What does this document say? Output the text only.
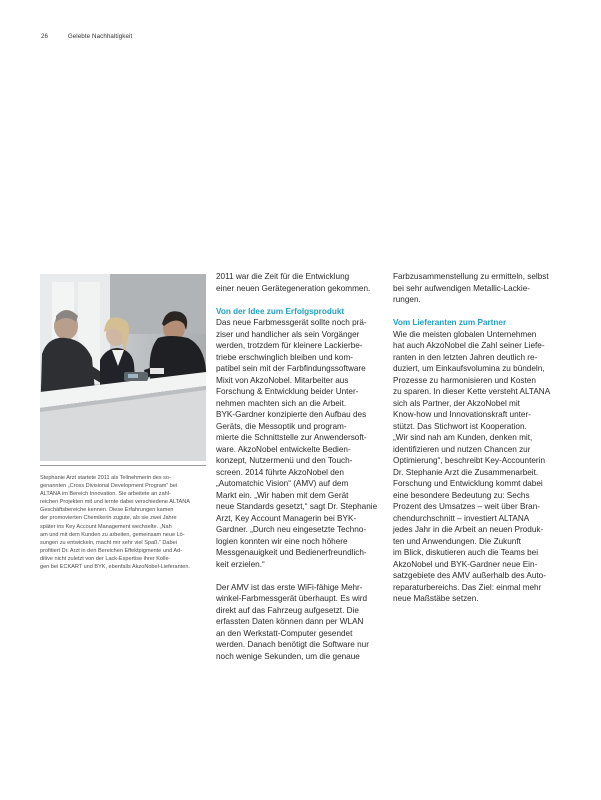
26	Gelebte Nachhaltigkeit

Stephanie Arzt startete 2011 als Teilnehmerin des so-

genannten „Cross Divisional Development Program“ bei

ALTANA im Bereich Innovation. Sie arbeitete an zahl-

reichen Projekten mit und lernte dabei verschiedene ALTANA

Geschäftsbereiche kennen. Diese Erfahrungen kamen

der promovierten Chemikerin zugute, als sie zwei Jahre

später ins Key Account Management wechselte. „Nah

am und mit dem Kunden zu arbeiten, gemeinsam neue Lö-

sungen zu entwickeln, macht mir sehr viel Spaß.“ Dabei

profitiert Dr. Arzt in den Bereichen Effektpigmente und Ad-

ditive nicht zuletzt von der Lack-Expertise ihrer Kolle-

gen bei ECKART und BYK, ebenfalls AkzoNobel-Lieferanten.

2011 war die Zeit für die Entwicklung

einer neuen Gerätegeneration gekommen.

Von der Idee zum Erfolgsprodukt

Das neue Farbmessgerät sollte noch prä-

ziser und handlicher als sein Vorgänger

werden, trotzdem für kleinere Lackierbe-

triebe erschwinglich bleiben und kom-

patibel sein mit der Farbfindungssoftware

Mixit von AkzoNobel. Mitarbeiter aus

Forschung & Entwicklung beider Unter-

nehmen machten sich an die Arbeit.

BYK-Gardner konzipierte den Aufbau des

Geräts, die Messoptik und program-

mierte die Schnittstelle zur Anwendersoft-

ware. AkzoNobel entwickelte Bedien-

konzept, Nutzermenü und den Touch-

screen. 2014 führte AkzoNobel den

„Automatchic Vision“ (AMV) auf dem

Markt ein. „Wir haben mit dem Gerät

neue Standards gesetzt,“ sagt Dr. Stephanie

Arzt, Key Account Managerin bei BYK-

Gardner. „Durch neu eingesetzte Techno-

logien konnten wir eine noch höhere

Messgenauigkeit und Bedienerfreundlich-

keit erzielen.“

Der AMV ist das erste WiFi-fähige Mehr-

winkel-Farbmessgerät überhaupt. Es wird

direkt auf das Fahrzeug aufgesetzt. Die

erfassten Daten können dann per WLAN

an den Werkstatt-Computer gesendet

werden. Danach benötigt die Software nur

noch wenige Sekunden, um die genaue

Farbzusammenstellung zu ermitteln, selbst

bei sehr aufwendigen Metallic-Lackie-

rungen.

Vom Lieferanten zum Partner

Wie die meisten globalen Unternehmen

hat auch AkzoNobel die Zahl seiner Liefe-

ranten in den letzten Jahren deutlich re-

duziert, um Einkaufsvolumina zu bündeln,

Prozesse zu harmonisieren und Kosten

zu sparen. In dieser Kette versteht ALTANA

sich als Partner, der AkzoNobel mit

Know-how und Innovationskraft unter-

stützt. Das Stichwort ist Kooperation.

„Wir sind nah am Kunden, denken mit,

identifizieren und nutzen Chancen zur

Optimierung“, beschreibt Key-Accounterin

Dr. Stephanie Arzt die Zusammenarbeit.

Forschung und Entwicklung kommt dabei

eine besondere Bedeutung zu: Sechs

Prozent des Umsatzes – weit über Bran-

chendurchschnitt – investiert ALTANA

jedes Jahr in die Arbeit an neuen Produk-

ten und Anwendungen. Die Zukunft

im Blick, diskutieren auch die Teams bei

AkzoNobel und BYK-Gardner neue Ein-

satzgebiete des AMV außerhalb des Auto-

reparaturbereichs. Das Ziel: einmal mehr

neue Maßstäbe setzen.
